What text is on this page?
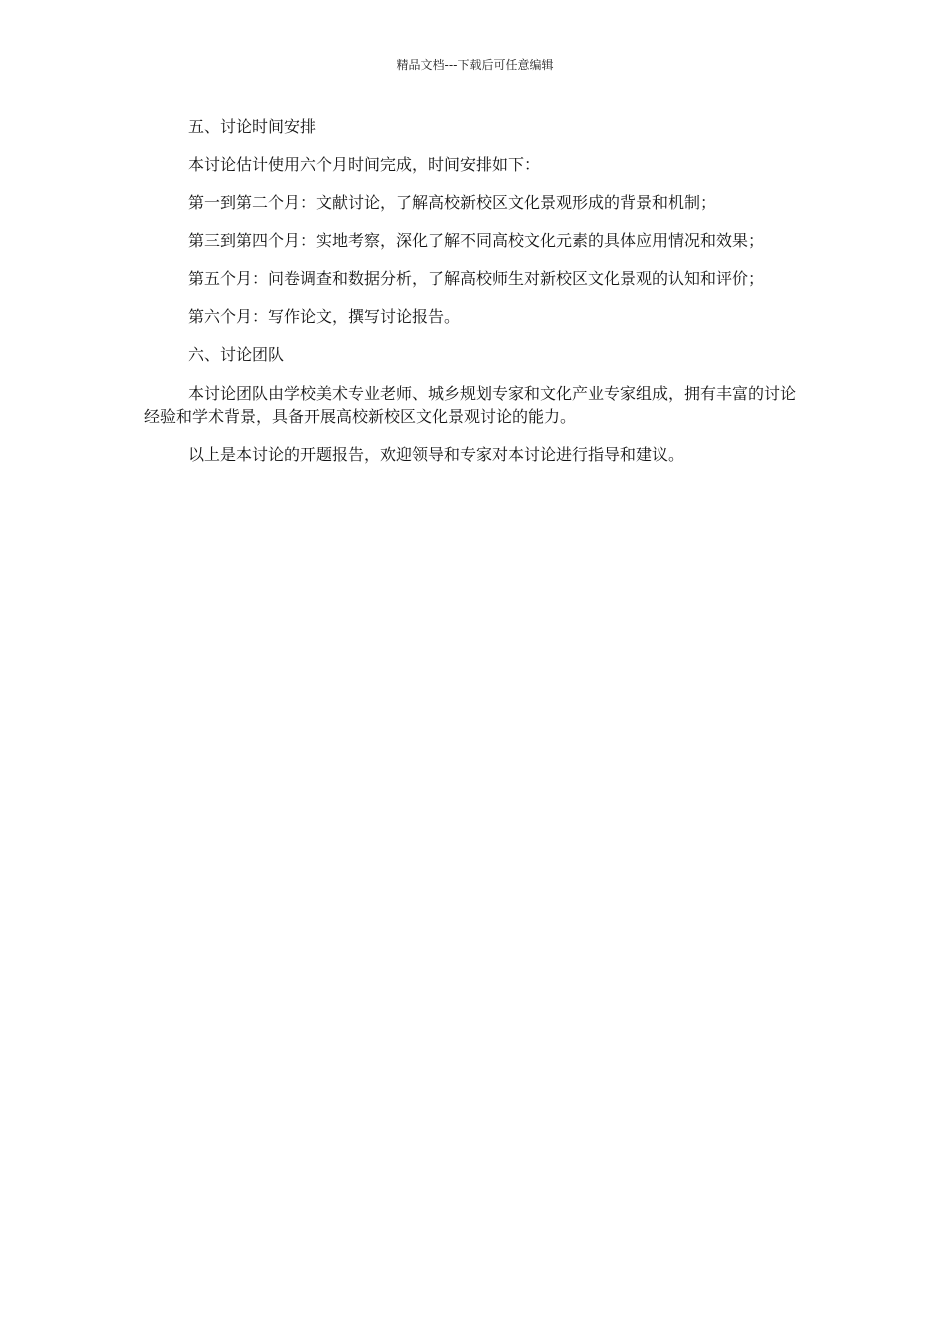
精品文档---下载后可任意编辑

五、讨论时间安排

本讨论估计使用六个月时间完成，时间安排如下：

第一到第二个月：文献讨论，了解高校新校区文化景观形成的背景和机制；

第三到第四个月：实地考察，深化了解不同高校文化元素的具体应用情况和效果；

第五个月：问卷调查和数据分析，了解高校师生对新校区文化景观的认知和评价；

第六个月：写作论文，撰写讨论报告。

六、讨论团队

本讨论团队由学校美术专业老师、城乡规划专家和文化产业专家组成，拥有丰富的讨论经验和学术背景，具备开展高校新校区文化景观讨论的能力。

以上是本讨论的开题报告，欢迎领导和专家对本讨论进行指导和建议。
